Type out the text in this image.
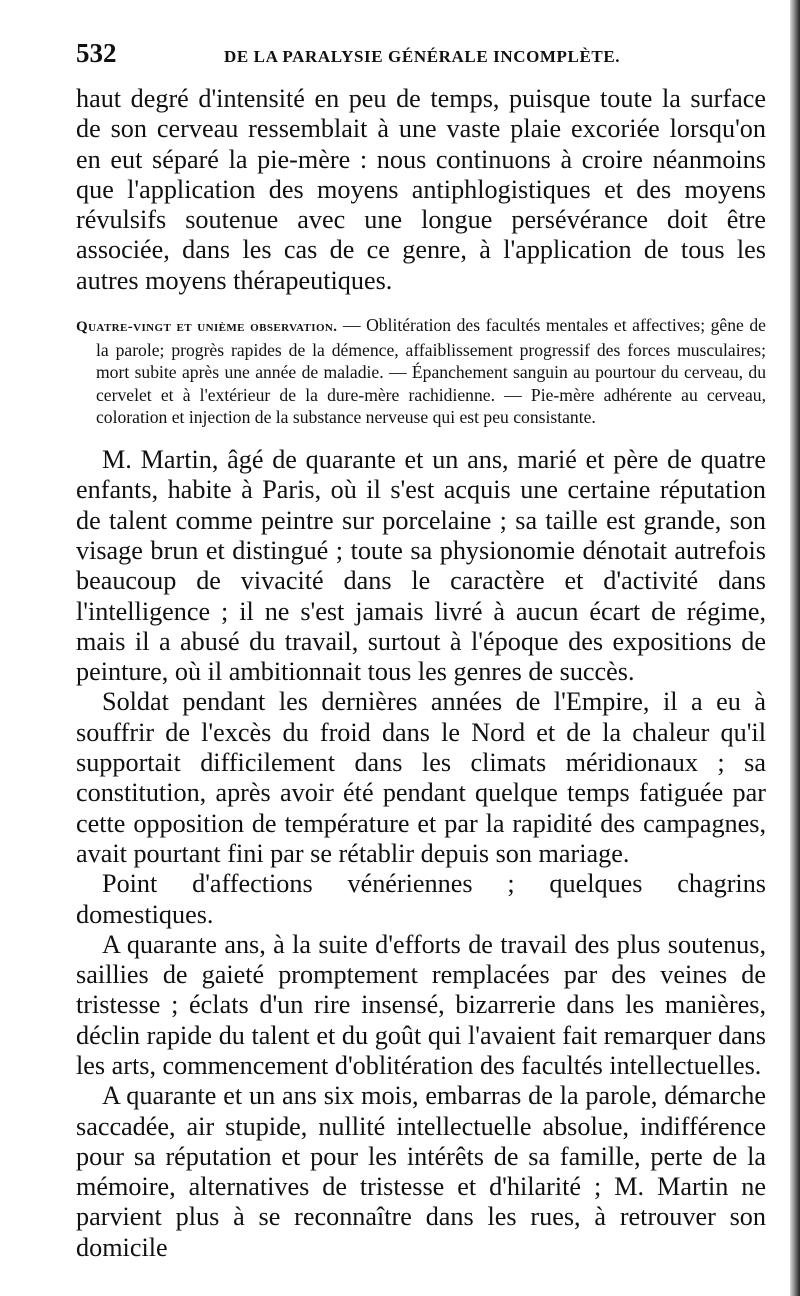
532	DE LA PARALYSIE GÉNÉRALE INCOMPLÈTE.

haut degré d'intensité en peu de temps, puisque toute la surface de son cerveau ressemblait à une vaste plaie excoriée lorsqu'on en eut séparé la pie-mère : nous continuons à croire néanmoins que l'application des moyens antiphlogistiques et des moyens révulsifs soutenue avec une longue persévérance doit être associée, dans les cas de ce genre, à l'application de tous les autres moyens thérapeutiques.

Quatre-vingt et unième observation. — Oblitération des facultés mentales et affectives; gêne de la parole; progrès rapides de la démence, affaiblissement progressif des forces musculaires; mort subite après une année de maladie. — Épanchement sanguin au pourtour du cerveau, du cervelet et à l'extérieur de la dure-mère rachidienne. — Pie-mère adhérente au cerveau, coloration et injection de la substance nerveuse qui est peu consistante.

M. Martin, âgé de quarante et un ans, marié et père de quatre enfants, habite à Paris, où il s'est acquis une certaine réputation de talent comme peintre sur porcelaine ; sa taille est grande, son visage brun et distingué ; toute sa physionomie dénotait autrefois beaucoup de vivacité dans le caractère et d'activité dans l'intelligence ; il ne s'est jamais livré à aucun écart de régime, mais il a abusé du travail, surtout à l'époque des expositions de peinture, où il ambitionnait tous les genres de succès.

Soldat pendant les dernières années de l'Empire, il a eu à souffrir de l'excès du froid dans le Nord et de la chaleur qu'il supportait difficilement dans les climats méridionaux ; sa constitution, après avoir été pendant quelque temps fatiguée par cette opposition de température et par la rapidité des campagnes, avait pourtant fini par se rétablir depuis son mariage.

Point d'affections vénériennes ; quelques chagrins domestiques.

A quarante ans, à la suite d'efforts de travail des plus soutenus, saillies de gaieté promptement remplacées par des veines de tristesse ; éclats d'un rire insensé, bizarrerie dans les manières, déclin rapide du talent et du goût qui l'avaient fait remarquer dans les arts, commencement d'oblitération des facultés intellectuelles.

A quarante et un ans six mois, embarras de la parole, démarche saccadée, air stupide, nullité intellectuelle absolue, indifférence pour sa réputation et pour les intérêts de sa famille, perte de la mémoire, alternatives de tristesse et d'hilarité ; M. Martin ne parvient plus à se reconnaître dans les rues, à retrouver son domicile
